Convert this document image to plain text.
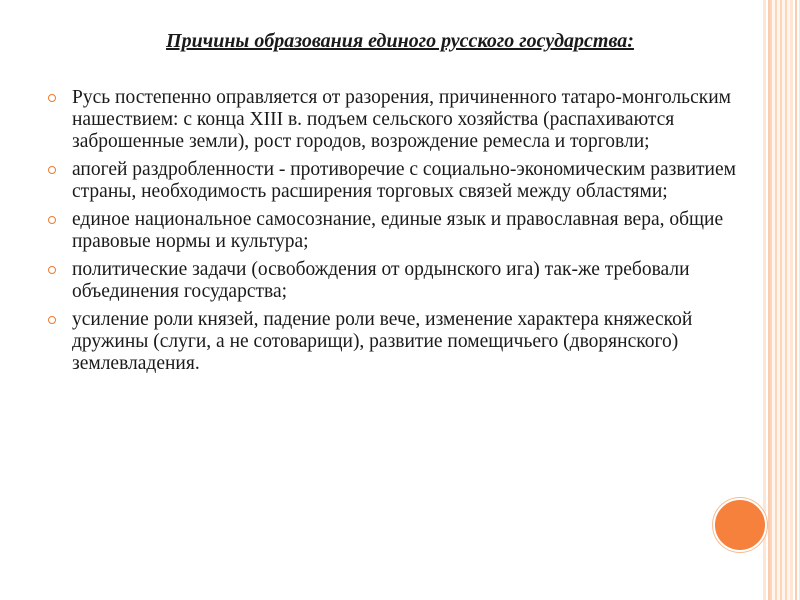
Причины образования единого русского государства:
Русь постепенно оправляется от разорения, причиненного татаро-монгольским нашествием: с конца XIII в. подъем сельского хозяйства (распахиваются заброшенные земли), рост городов, возрождение ремесла и торговли;
апогей раздробленности - противоречие с социально-экономическим развитием страны, необходимость расширения торговых связей между областями;
единое национальное самосознание, единые язык и православная вера, общие правовые нормы и культура;
политические задачи (освобождения от ордынского ига) так-же требовали объединения государства;
усиление роли князей, падение роли вече, изменение характера княжеской дружины (слуги, а не сотоварищи), развитие помещичьего (дворянского) землевладения.
